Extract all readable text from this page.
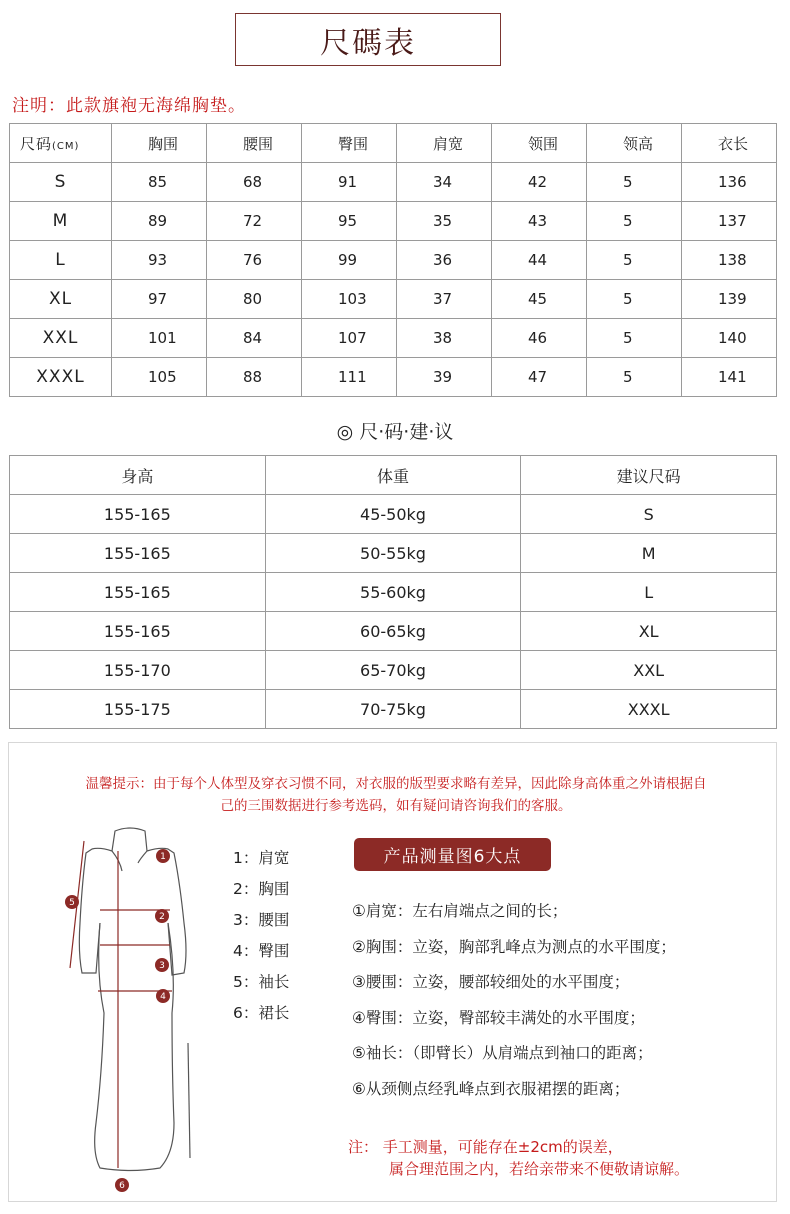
尺碼表
注明：此款旗袍无海绵胸垫。
尺码(CM)	胸围	腰围	臀围	肩宽	领围	领高	衣长
S	85	68	91	34	42	5	136
M	89	72	95	35	43	5	137
L	93	76	99	36	44	5	138
XL	97	80	103	37	45	5	139
XXL	101	84	107	38	46	5	140
XXXL	105	88	111	39	47	5	141
◎ 尺·码·建·议
身高	体重	建议尺码
155-165	45-50kg	S
155-165	50-55kg	M
155-165	55-60kg	L
155-165	60-65kg	XL
155-170	65-70kg	XXL
155-175	70-75kg	XXXL
温馨提示：由于每个人体型及穿衣习惯不同，对衣服的版型要求略有差异，因此除身高体重之外请根据自
己的三围数据进行参考选码，如有疑问请咨询我们的客服。
1
2
3
4
5
6
1：肩宽
2：胸围
3：腰围
4：臀围
5：袖长
6：裙长
产品测量图6大点
①肩宽：左右肩端点之间的长；
②胸围：立姿，胸部乳峰点为测点的水平围度；
③腰围：立姿，腰部较细处的水平围度；
④臀围：立姿，臀部较丰满处的水平围度；
⑤袖长：（即臂长）从肩端点到袖口的距离；
⑥从颈侧点经乳峰点到衣服裙摆的距离；
注： 手工测量，可能存在±2cm的误差，
属合理范围之内，若给亲带来不便敬请谅解。
